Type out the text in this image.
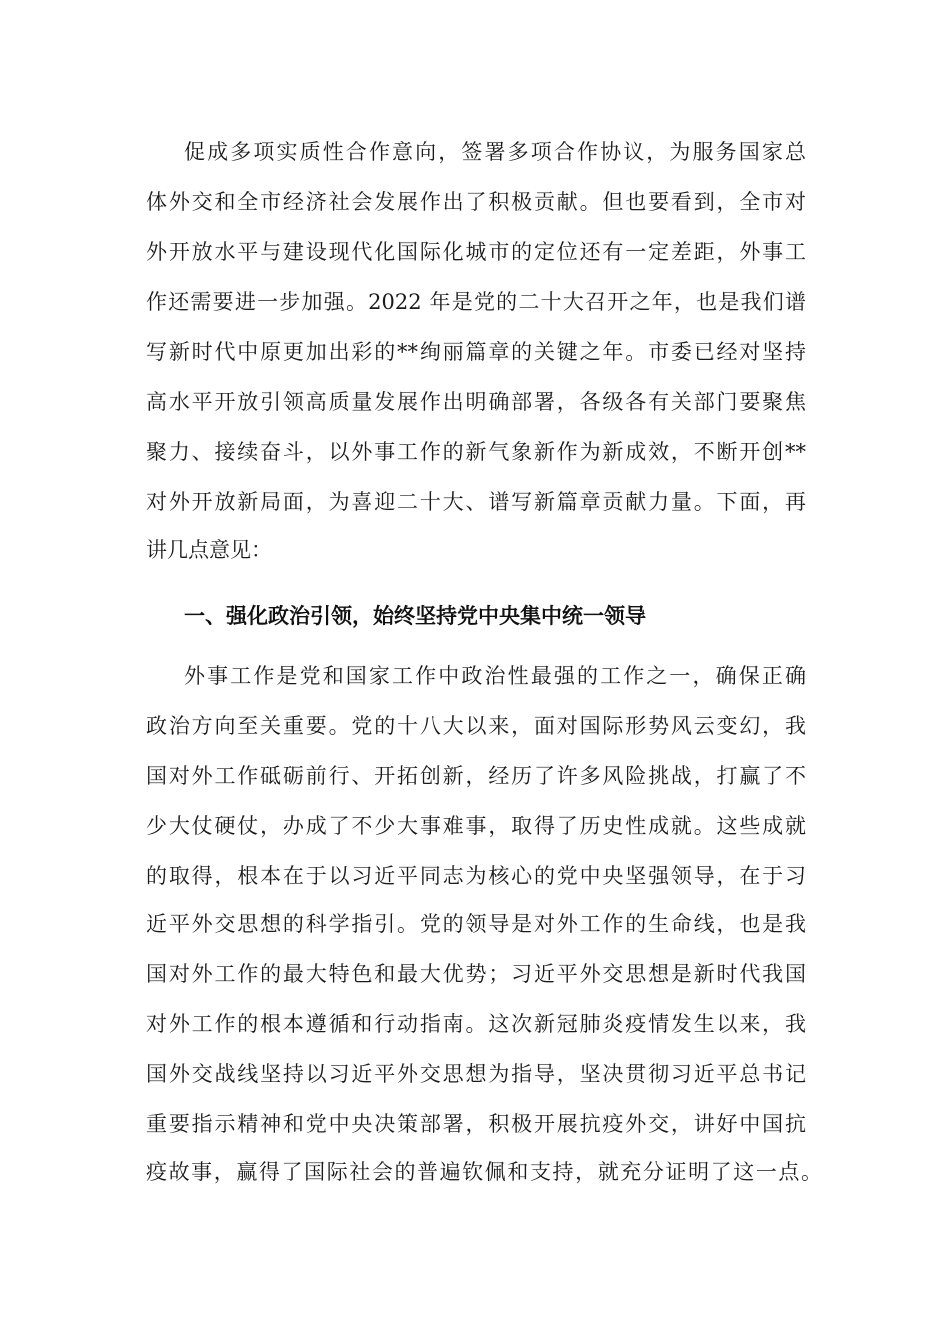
促成多项实质性合作意向，签署多项合作协议，为服务国家总
体外交和全市经济社会发展作出了积极贡献。但也要看到，全市对
外开放水平与建设现代化国际化城市的定位还有一定差距，外事工
作还需要进一步加强。2022 年是党的二十大召开之年，也是我们谱
写新时代中原更加出彩的**绚丽篇章的关键之年。市委已经对坚持
高水平开放引领高质量发展作出明确部署，各级各有关部门要聚焦
聚力、接续奋斗，以外事工作的新气象新作为新成效，不断开创**
对外开放新局面，为喜迎二十大、谱写新篇章贡献力量。下面，再
讲几点意见：
一、强化政治引领，始终坚持党中央集中统一领导
外事工作是党和国家工作中政治性最强的工作之一，确保正确
政治方向至关重要。党的十八大以来，面对国际形势风云变幻，我
国对外工作砥砺前行、开拓创新，经历了许多风险挑战，打赢了不
少大仗硬仗，办成了不少大事难事，取得了历史性成就。这些成就
的取得，根本在于以习近平同志为核心的党中央坚强领导，在于习
近平外交思想的科学指引。党的领导是对外工作的生命线，也是我
国对外工作的最大特色和最大优势；习近平外交思想是新时代我国
对外工作的根本遵循和行动指南。这次新冠肺炎疫情发生以来，我
国外交战线坚持以习近平外交思想为指导，坚决贯彻习近平总书记
重要指示精神和党中央决策部署，积极开展抗疫外交，讲好中国抗
疫故事，赢得了国际社会的普遍钦佩和支持，就充分证明了这一点。
